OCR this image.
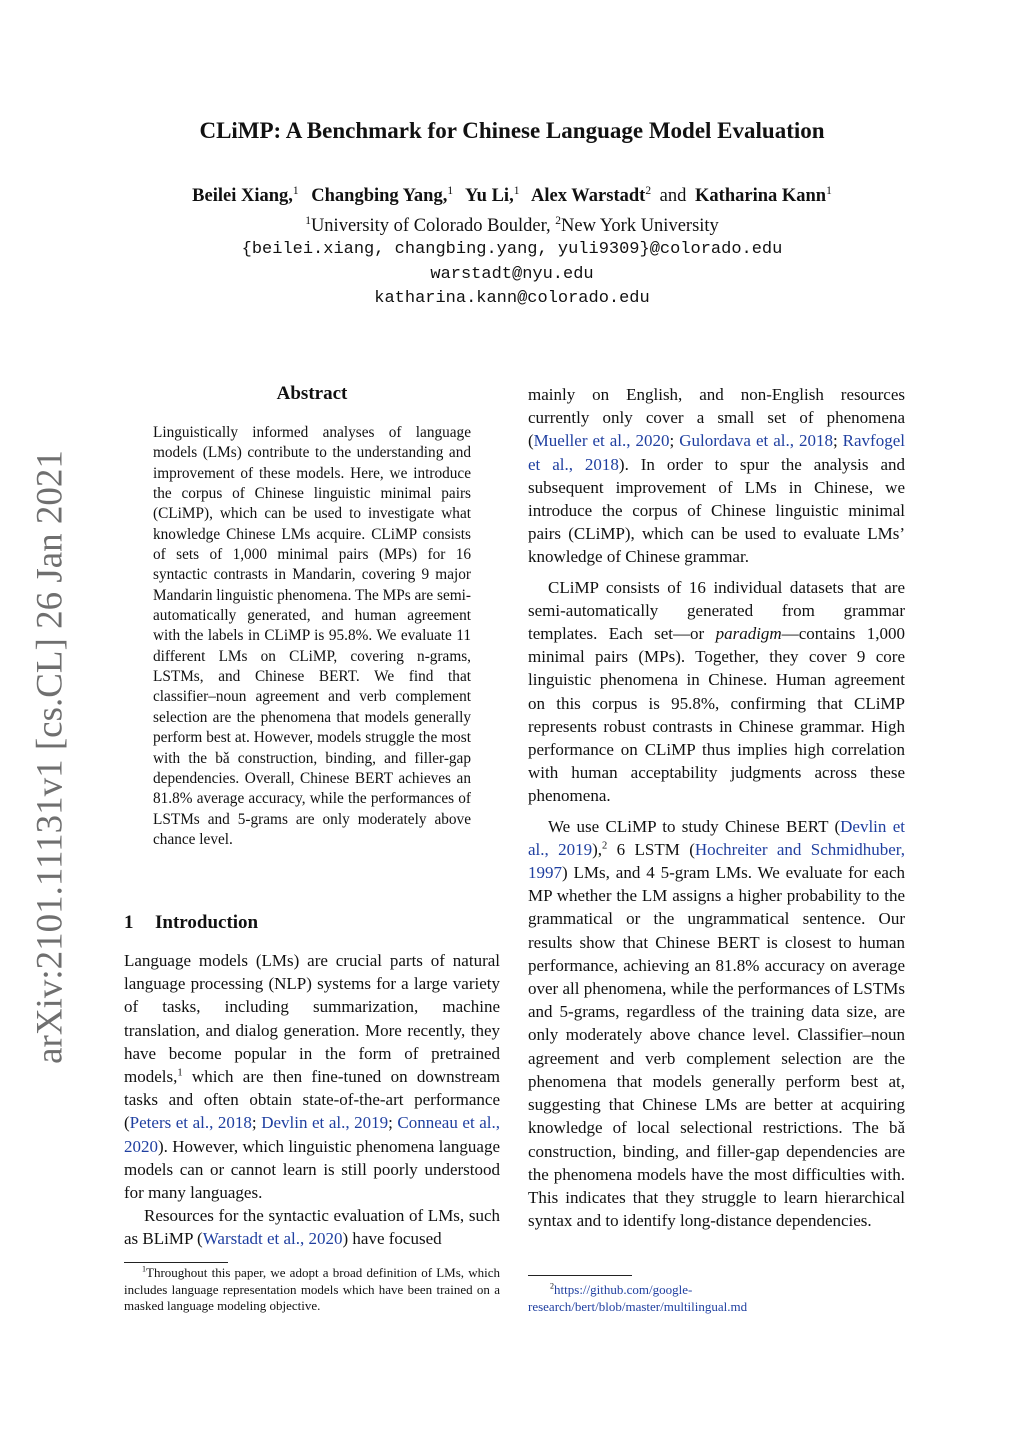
arXiv:2101.11131v1 [cs.CL] 26 Jan 2021
CLiMP: A Benchmark for Chinese Language Model Evaluation
Beilei Xiang,$^1$ Changbing Yang,$^1$ Yu Li,$^1$ Alex Warstadt$^2$ and Katharina Kann$^1$
$^1$University of Colorado Boulder, $^2$New York University
{beilei.xiang, changbing.yang, yuli9309}@colorado.edu
warstadt@nyu.edu
katharina.kann@colorado.edu
Abstract

Linguistically informed analyses of language models (LMs) contribute to the understanding and improvement of these models. Here, we introduce the corpus of Chinese linguistic minimal pairs (CLiMP), which can be used to investigate what knowledge Chinese LMs acquire. CLiMP consists of sets of 1,000 minimal pairs (MPs) for 16 syntactic contrasts in Mandarin, covering 9 major Mandarin linguistic phenomena. The MPs are semi-automatically generated, and human agreement with the labels in CLiMP is 95.8%. We evaluate 11 different LMs on CLiMP, covering n-grams, LSTMs, and Chinese BERT. We find that classifier–noun agreement and verb complement selection are the phenomena that models generally perform best at. However, models struggle the most with the bǎ construction, binding, and filler-gap dependencies. Overall, Chinese BERT achieves an 81.8% average accuracy, while the performances of LSTMs and 5-grams are only moderately above chance level.

1 Introduction

Language models (LMs) are crucial parts of natural language processing (NLP) systems for a large variety of tasks, including summarization, machine translation, and dialog generation. More recently, they have become popular in the form of pretrained models,$^1$ which are then fine-tuned on downstream tasks and often obtain state-of-the-art performance (Peters et al., 2018; Devlin et al., 2019; Conneau et al., 2020). However, which linguistic phenomena language models can or cannot learn is still poorly understood for many languages.

Resources for the syntactic evaluation of LMs, such as BLiMP (Warstadt et al., 2020) have focused

$^1$Throughout this paper, we adopt a broad definition of LMs, which includes language representation models which have been trained on a masked language modeling objective.

mainly on English, and non-English resources currently only cover a small set of phenomena (Mueller et al., 2020; Gulordava et al., 2018; Ravfogel et al., 2018). In order to spur the analysis and subsequent improvement of LMs in Chinese, we introduce the corpus of Chinese linguistic minimal pairs (CLiMP), which can be used to evaluate LMs’ knowledge of Chinese grammar.

CLiMP consists of 16 individual datasets that are semi-automatically generated from grammar templates. Each set—or paradigm—contains 1,000 minimal pairs (MPs). Together, they cover 9 core linguistic phenomena in Chinese. Human agreement on this corpus is 95.8%, confirming that CLiMP represents robust contrasts in Chinese grammar. High performance on CLiMP thus implies high correlation with human acceptability judgments across these phenomena.

We use CLiMP to study Chinese BERT (Devlin et al., 2019),$^2$ 6 LSTM (Hochreiter and Schmidhuber, 1997) LMs, and 4 5-gram LMs. We evaluate for each MP whether the LM assigns a higher probability to the grammatical or the ungrammatical sentence. Our results show that Chinese BERT is closest to human performance, achieving an 81.8% accuracy on average over all phenomena, while the performances of LSTMs and 5-grams, regardless of the training data size, are only moderately above chance level. Classifier–noun agreement and verb complement selection are the phenomena that models generally perform best at, suggesting that Chinese LMs are better at acquiring knowledge of local selectional restrictions. The bǎ construction, binding, and filler-gap dependencies are the phenomena models have the most difficulties with. This indicates that they struggle to learn hierarchical syntax and to identify long-distance dependencies.

$^2$https://github.com/google-research/bert/blob/master/multilingual.md
